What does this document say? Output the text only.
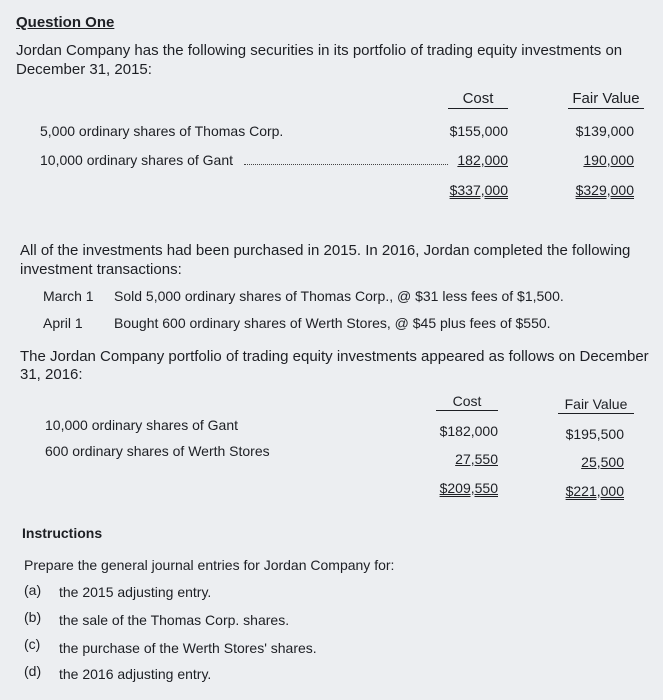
Question One
Jordan Company has the following securities in its portfolio of trading equity investments on
December 31, 2015:
Cost	Fair Value
5,000 ordinary shares of Thomas Corp.	$155,000	$139,000
10,000 ordinary shares of Gant	182,000	190,000
$337,000	$329,000
All of the investments had been purchased in 2015. In 2016, Jordan completed the following
investment transactions:
March 1 Sold 5,000 ordinary shares of Thomas Corp., @ $31 less fees of $1,500.
April 1 Bought 600 ordinary shares of Werth Stores, @ $45 plus fees of $550.
The Jordan Company portfolio of trading equity investments appeared as follows on December
31, 2016:
Cost	Fair Value
10,000 ordinary shares of Gant	$182,000	$195,500
600 ordinary shares of Werth Stores	27,550	25,500
$209,550	$221,000
Instructions
Prepare the general journal entries for Jordan Company for:
(a) the 2015 adjusting entry.
(b) the sale of the Thomas Corp. shares.
(c) the purchase of the Werth Stores' shares.
(d) the 2016 adjusting entry.
